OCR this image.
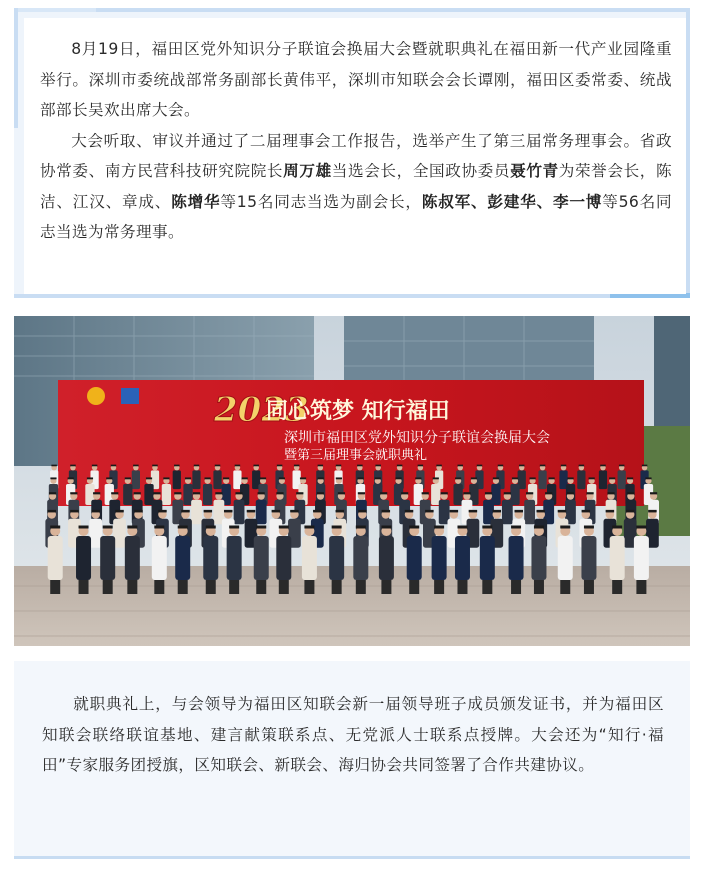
8月19日，福田区党外知识分子联谊会换届大会暨就职典礼在福田新一代产业园隆重举行。深圳市委统战部常务副部长黄伟平，深圳市知联会会长谭刚，福田区委常委、统战部部长吴欢出席大会。

大会听取、审议并通过了二届理事会工作报告，选举产生了第三届常务理事会。省政协常委、南方民营科技研究院院长周万雄当选会长，全国政协委员聂竹青为荣誉会长，陈洁、江汉、章成、陈增华等15名同志当选为副会长，陈叔军、彭建华、李一博等56名同志当选为常务理事。

2023
同心筑梦 知行福田
深圳市福田区党外知识分子联谊会换届大会
暨第三届理事会就职典礼

就职典礼上，与会领导为福田区知联会新一届领导班子成员颁发证书，并为福田区知联会联络联谊基地、建言献策联系点、无党派人士联系点授牌。大会还为“知行·福田”专家服务团授旗，区知联会、新联会、海归协会共同签署了合作共建协议。
